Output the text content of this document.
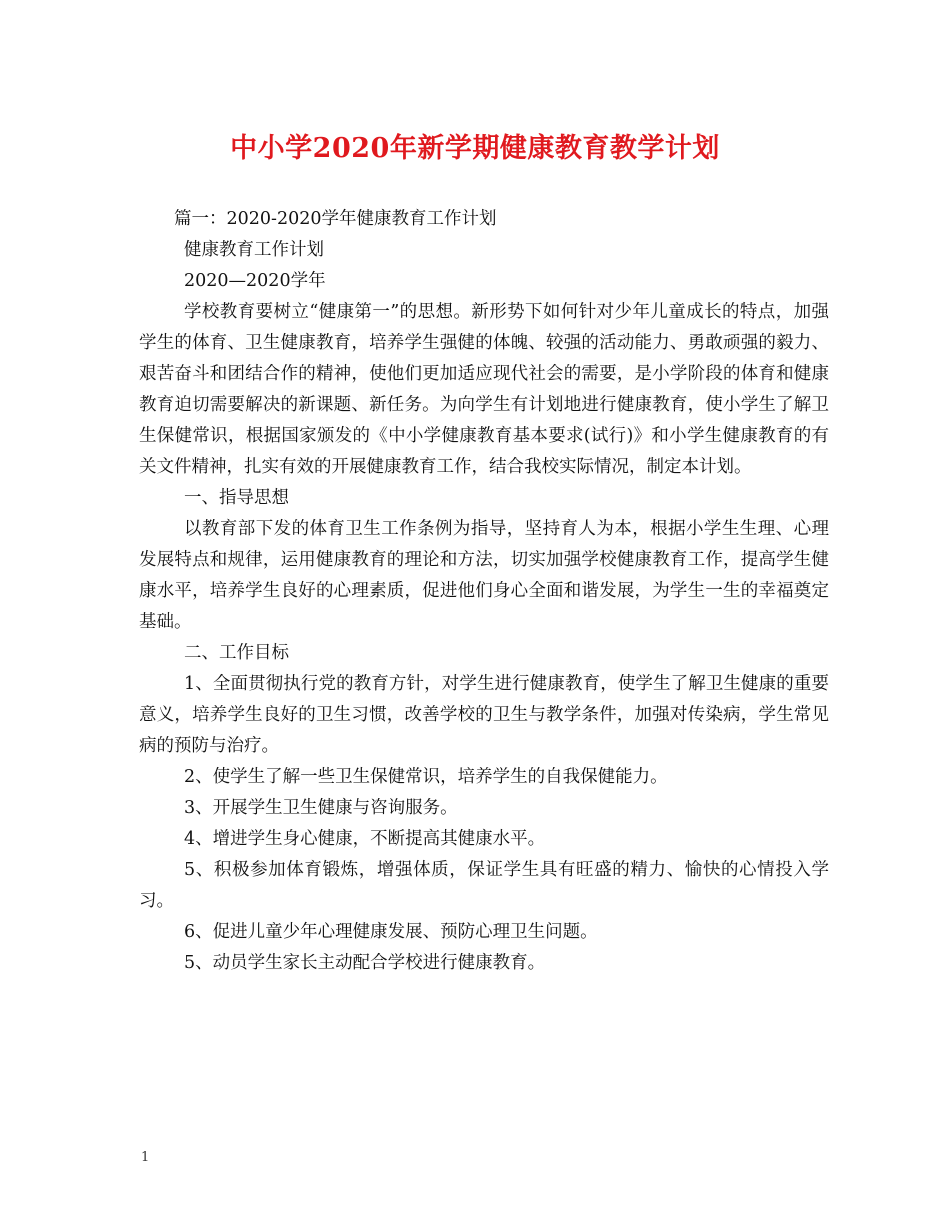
中小学2020年新学期健康教育教学计划
篇一：2020-2020学年健康教育工作计划
健康教育工作计划
2020—2020学年

学校教育要树立“健康第一”的思想。新形势下如何针对少年儿童成长的特点，加强学生的体育、卫生健康教育，培养学生强健的体魄、较强的活动能力、勇敢顽强的毅力、艰苦奋斗和团结合作的精神，使他们更加适应现代社会的需要，是小学阶段的体育和健康教育迫切需要解决的新课题、新任务。为向学生有计划地进行健康教育，使小学生了解卫生保健常识，根据国家颁发的《中小学健康教育基本要求(试行)》和小学生健康教育的有关文件精神，扎实有效的开展健康教育工作，结合我校实际情况，制定本计划。

一、指导思想

以教育部下发的体育卫生工作条例为指导，坚持育人为本，根据小学生生理、心理发展特点和规律，运用健康教育的理论和方法，切实加强学校健康教育工作，提高学生健康水平，培养学生良好的心理素质，促进他们身心全面和谐发展，为学生一生的幸福奠定基础。

二、工作目标

1、全面贯彻执行党的教育方针，对学生进行健康教育，使学生了解卫生健康的重要意义，培养学生良好的卫生习惯，改善学校的卫生与教学条件，加强对传染病，学生常见病的预防与治疗。

2、使学生了解一些卫生保健常识，培养学生的自我保健能力。

3、开展学生卫生健康与咨询服务。

4、增进学生身心健康，不断提高其健康水平。

5、积极参加体育锻炼，增强体质，保证学生具有旺盛的精力、愉快的心情投入学习。

6、促进儿童少年心理健康发展、预防心理卫生问题。

5、动员学生家长主动配合学校进行健康教育。

1
